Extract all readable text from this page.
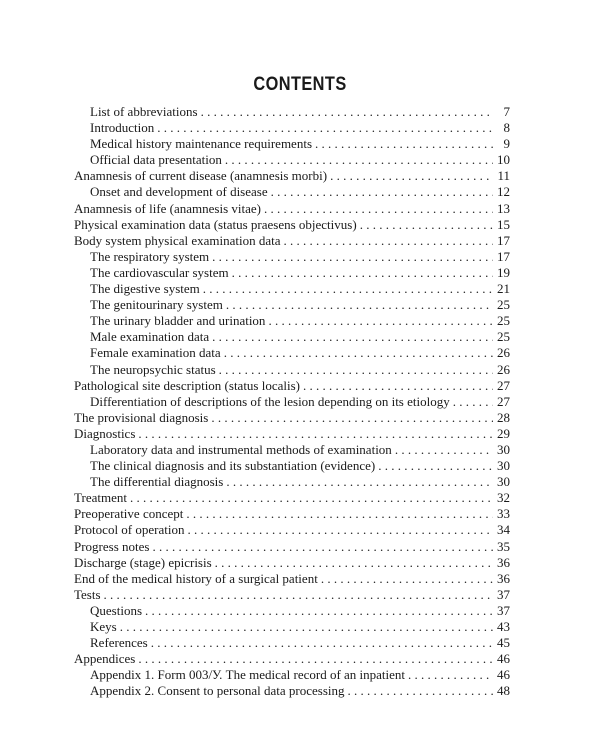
CONTENTS
List of abbreviations . . .	7
Introduction . . .	8
Medical history maintenance requirements . . .	9
Official data presentation . . .	10
Anamnesis of current disease (anamnesis morbi) . . .	11
Onset and development of disease . . .	12
Anamnesis of life (anamnesis vitae) . . .	13
Physical examination data (status praesens objectivus) . . .	15
Body system physical examination data . . .	17
The respiratory system . . .	17
The cardiovascular system . . .	19
The digestive system . . .	21
The genitourinary system . . .	25
The urinary bladder and urination . . .	25
Male examination data . . .	25
Female examination data . . .	26
The neuropsychic status . . .	26
Pathological site description (status localis) . . .	27
Differentiation of descriptions of the lesion depending on its etiology . . .	27
The provisional diagnosis . . .	28
Diagnostics . . .	29
Laboratory data and instrumental methods of examination . . .	30
The clinical diagnosis and its substantiation (evidence) . . .	30
The differential diagnosis . . .	30
Treatment . . .	32
Preoperative concept . . .	33
Protocol of operation . . .	34
Progress notes . . .	35
Discharge (stage) epicrisis . . .	36
End of the medical history of a surgical patient . . .	36
Tests . . .	37
Questions . . .	37
Keys . . .	43
References . . .	45
Appendices . . .	46
Appendix 1. Form 003/У. The medical record of an inpatient . . .	46
Appendix 2. Consent to personal data processing . . .	48
